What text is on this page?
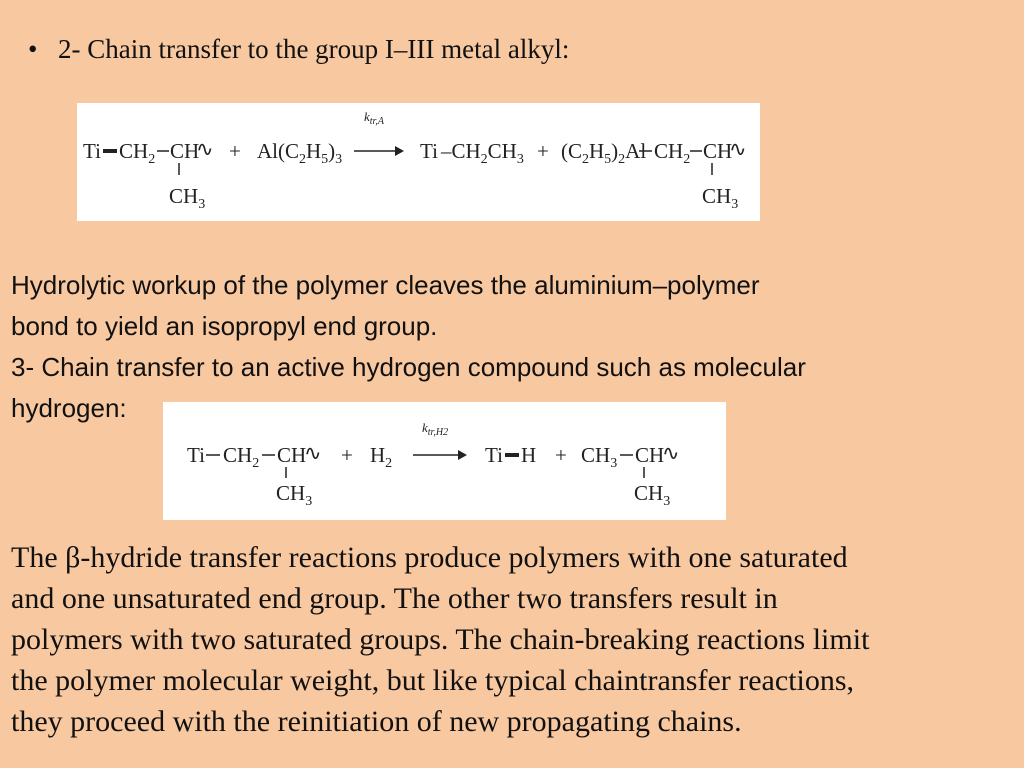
• 2- Chain transfer to the group I–III metal alkyl:
$k_{tr,A}$
Ti $CH_2$ CH
∿
$CH_3$
+ $Al(C_2H_5)_3$	Ti $-CH_2CH_3 + (C_2H_5)_2Al$ $CH_2$ CH
∿
$CH_3$

Hydrolytic workup of the polymer cleaves the aluminium–polymer

bond to yield an isopropyl end group.

3- Chain transfer to an active hydrogen compound such as molecular

hydrogen:

$k_{tr,H2}$
Ti $CH_2$ CH
∿
$CH_3$
+ $H_2$	Ti $H + CH_3$ CH
∿
$CH_3$

The β-hydride transfer reactions produce polymers with one saturated

and one unsaturated end group. The other two transfers result in

polymers with two saturated groups. The chain-breaking reactions limit

the polymer molecular weight, but like typical chaintransfer reactions,

they proceed with the reinitiation of new propagating chains.
